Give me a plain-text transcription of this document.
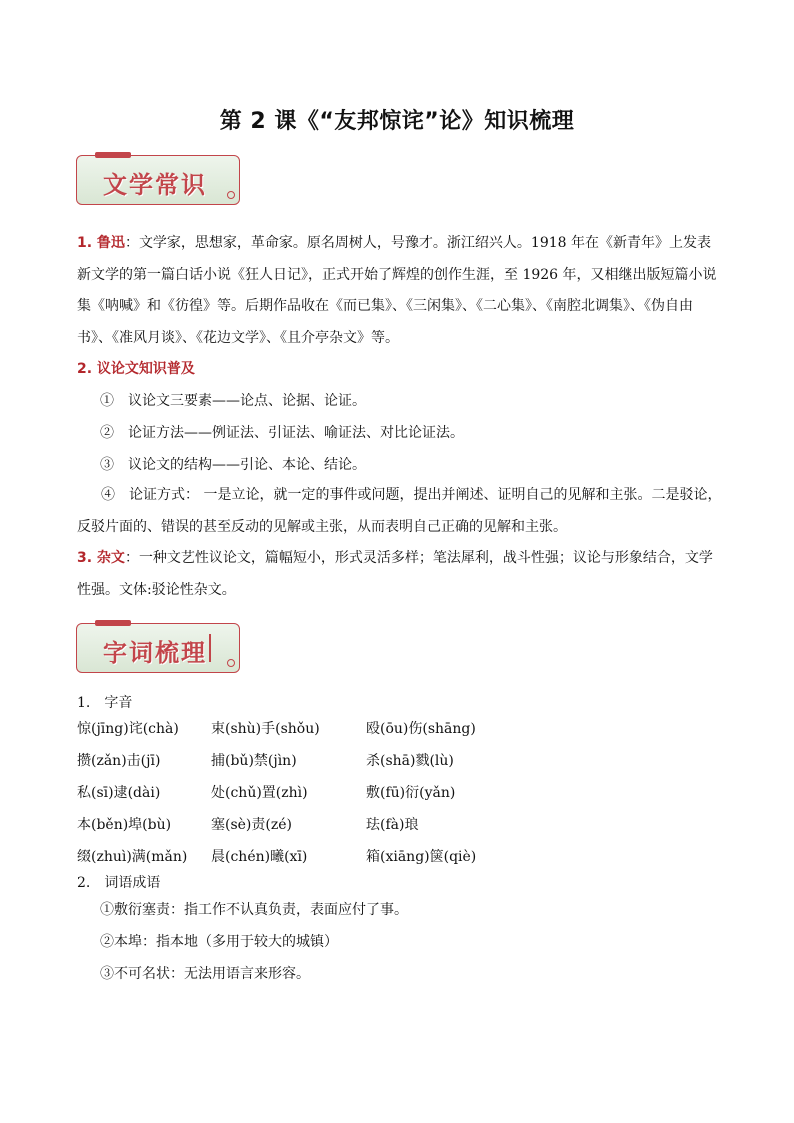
第 2 课《“友邦惊诧”论》知识梳理
文学常识

1. 鲁迅：文学家，思想家，革命家。原名周树人，号豫才。浙江绍兴人。1918 年在《新青年》上发表新文学的第一篇白话小说《狂人日记》，正式开始了辉煌的创作生涯，至 1926 年，又相继出版短篇小说集《呐喊》和《彷徨》等。后期作品收在《而已集》、《三闲集》、《二心集》、《南腔北调集》、《伪自由书》、《准风月谈》、《花边文学》、《且介亭杂文》等。

2. 议论文知识普及

①　议论文三要素——论点、论据、论证。

②　论证方法——例证法、引证法、喻证法、对比论证法。

③　议论文的结构——引论、本论、结论。

④　论证方式： 一是立论，就一定的事件或问题，提出并阐述、证明自己的见解和主张。二是驳论，反驳片面的、错误的甚至反动的见解或主张，从而表明自己正确的见解和主张。

3. 杂文：一种文艺性议论文，篇幅短小，形式灵活多样；笔法犀利，战斗性强；议论与形象结合，文学性强。文体:驳论性杂文。

字词梳理

1.　字音

惊(jīng)诧(chà) 束(shù)手(shǒu)	殴(ōu)伤(shāng)
攒(zǎn)击(jī)	捕(bǔ)禁(jìn)	杀(shā)戮(lù)
私(sī)逮(dài)	处(chǔ)置(zhì)	敷(fū)衍(yǎn)
本(běn)埠(bù)	塞(sè)责(zé)	珐(fà)琅
缀(zhuì)满(mǎn) 晨(chén)曦(xī)	箱(xiāng)箧(qiè)

2.　词语成语

①敷衍塞责：指工作不认真负责，表面应付了事。

②本埠：指本地（多用于较大的城镇）

③不可名状：无法用语言来形容。
